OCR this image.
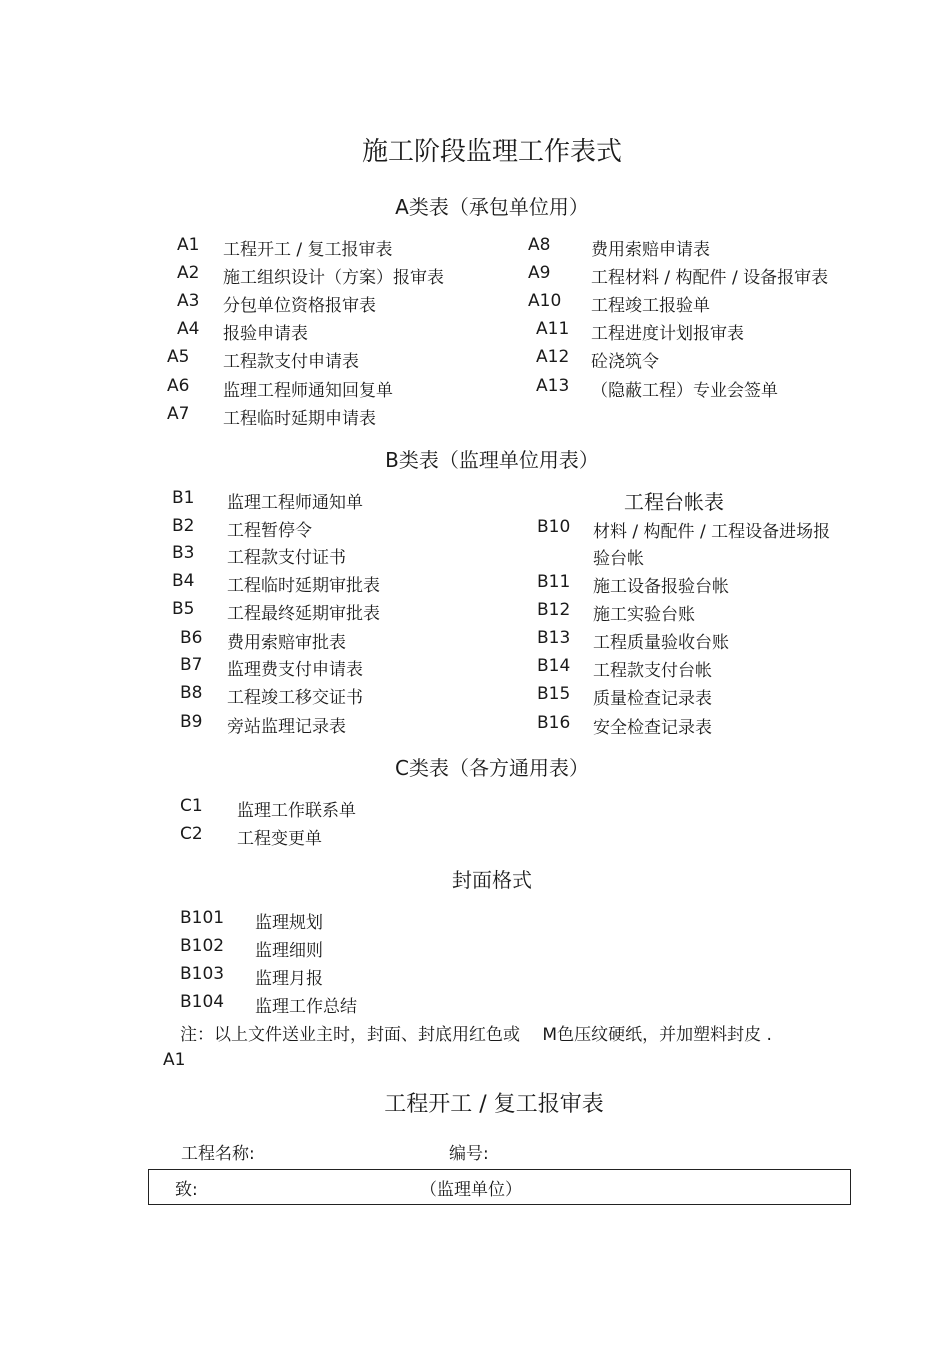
施工阶段监理工作表式
A类表（承包单位用）
A1 工程开工 / 复工报审表
A2 施工组织设计（方案）报审表
A3 分包单位资格报审表
A4 报验申请表
A5 工程款支付申请表
A6 监理工程师通知回复单
A7 工程临时延期申请表
A8 费用索赔申请表
A9 工程材料 / 构配件 / 设备报审表
A10 工程竣工报验单
A11 工程进度计划报审表
A12 砼浇筑令
A13 （隐蔽工程）专业会签单
B类表（监理单位用表）
B1 监理工程师通知单
B2 工程暂停令
B3 工程款支付证书
B4 工程临时延期审批表
B5 工程最终延期审批表
B6 费用索赔审批表
B7 监理费支付申请表
B8 工程竣工移交证书
B9 旁站监理记录表
工程台帐表
B10 材料 / 构配件 / 工程设备进场报
验台帐
B11 施工设备报验台帐
B12 施工实验台账
B13 工程质量验收台账
B14 工程款支付台帐
B15 质量检查记录表
B16 安全检查记录表
C类表（各方通用表）
C1 监理工作联系单
C2 工程变更单
封面格式
B101 监理规划
B102 监理细则
B103 监理月报
B104 监理工作总结
注：以上文件送业主时，封面、封底用红色或　 M色压纹硬纸，并加塑料封皮 .
A1
工程开工 / 复工报审表
工程名称:	编号:
致:	（监理单位）
